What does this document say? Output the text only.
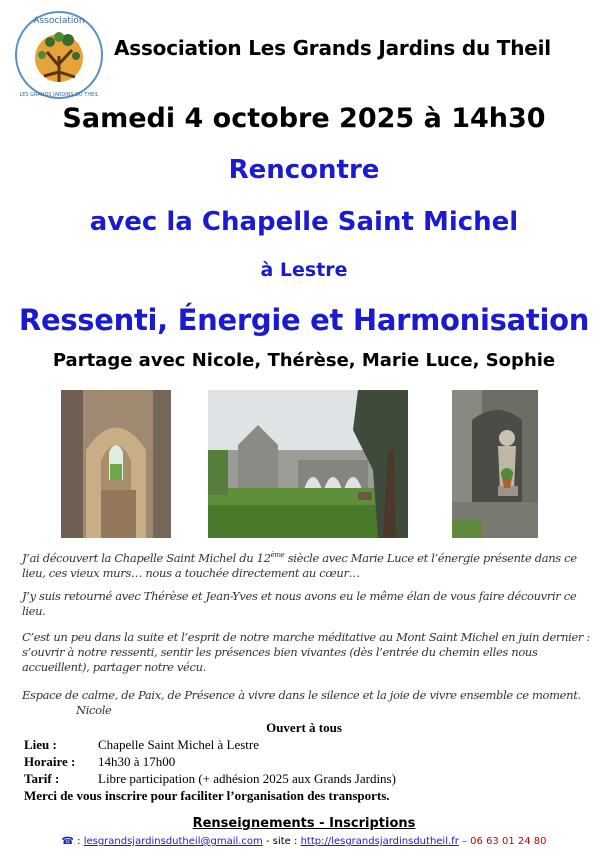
Association
LES GRANDS JARDINS DU THEIL
Association Les Grands Jardins du Theil
Samedi 4 octobre 2025 à 14h30
Rencontre
avec la Chapelle Saint Michel
à Lestre
Ressenti, Énergie et Harmonisation
Partage avec Nicole, Thérèse, Marie Luce, Sophie

J’ai découvert la Chapelle Saint Michel du 12ème siècle avec Marie Luce et l’énergie présente dans ce lieu, ces vieux murs… nous a touchée directement au cœur…

J’y suis retourné avec Thérèse et Jean-Yves et nous avons eu le même élan de vous faire découvrir ce lieu.

C’est un peu dans la suite et l’esprit de notre marche méditative au Mont Saint Michel en juin dernier : s’ouvrir à notre ressenti, sentir les présences bien vivantes (dès l’entrée du chemin elles nous accueillent), partager notre vécu.

Espace de calme, de Paix, de Présence à vivre dans le silence et la joie de vivre ensemble ce moment.Nicole

Ouvert à tous
Lieu :	Chapelle Saint Michel à Lestre
Horaire : 14h30 à 17h00
Tarif :	Libre participation (+ adhésion 2025 aux Grands Jardins)
Merci de vous inscrire pour faciliter l’organisation des transports.
Renseignements - Inscriptions
☎ : lesgrandsjardinsdutheil@gmail.com - site : http://lesgrandsjardinsdutheil.fr – 06 63 01 24 80
